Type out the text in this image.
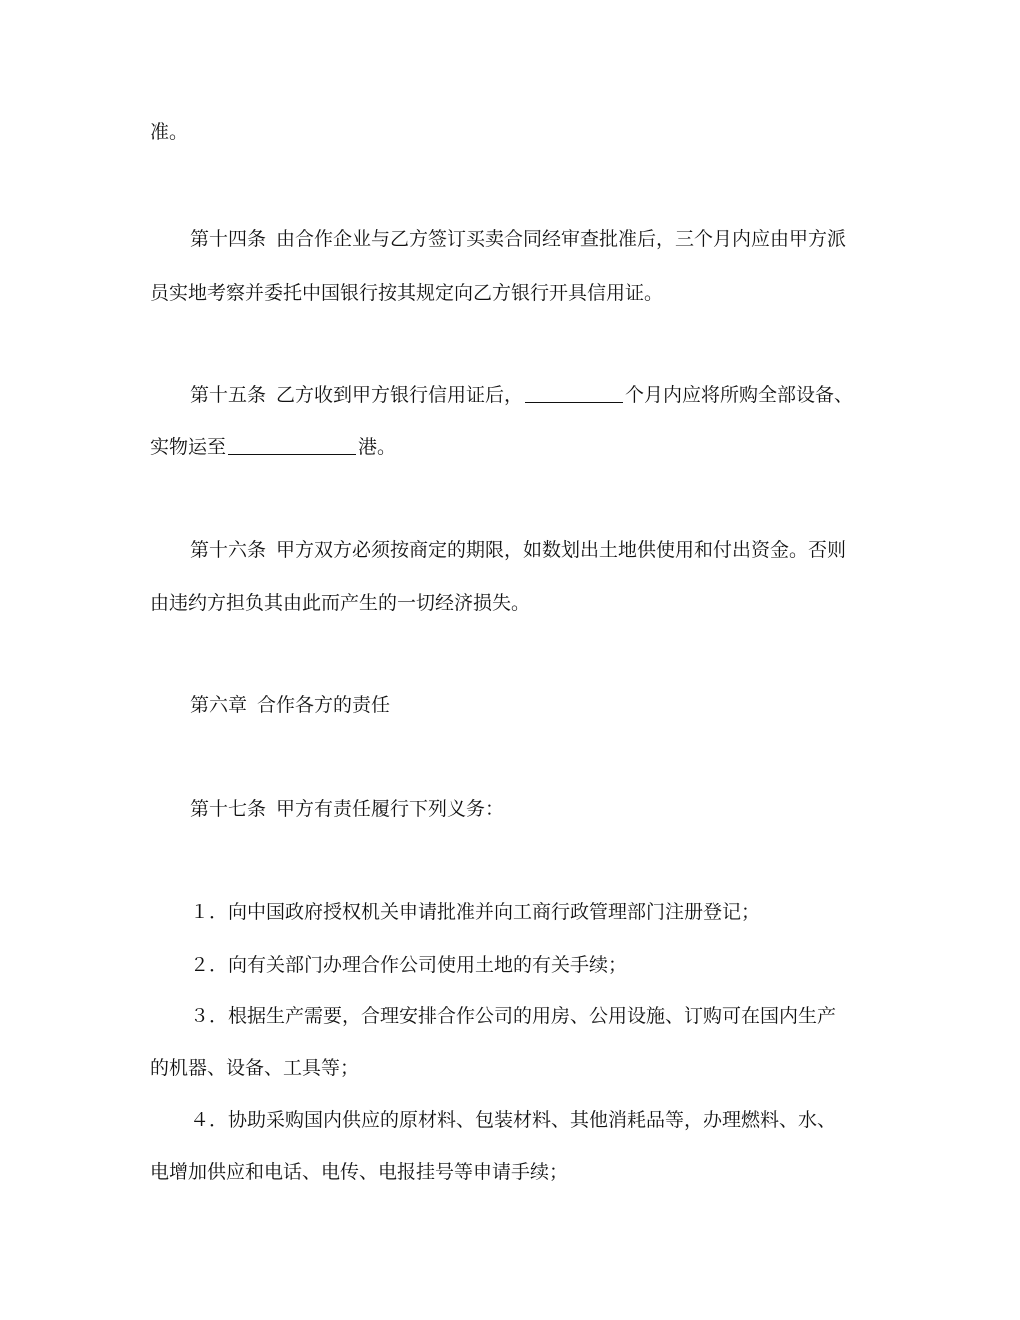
准。
第十四条 由合作企业与乙方签订买卖合同经审查批准后，三个月内应由甲方派
员实地考察并委托中国银行按其规定向乙方银行开具信用证。
第十五条 乙方收到甲方银行信用证后，	个月内应将所购全部设备、
实物运至	港。
第十六条 甲方双方必须按商定的期限，如数划出土地供使用和付出资金。否则
由违约方担负其由此而产生的一切经济损失。
第六章 合作各方的责任
第十七条 甲方有责任履行下列义务：
１．向中国政府授权机关申请批准并向工商行政管理部门注册登记；
２．向有关部门办理合作公司使用土地的有关手续；
３．根据生产需要，合理安排合作公司的用房、公用设施、订购可在国内生产
的机器、设备、工具等；
４．协助采购国内供应的原材料、包装材料、其他消耗品等，办理燃料、水、
电增加供应和电话、电传、电报挂号等申请手续；
